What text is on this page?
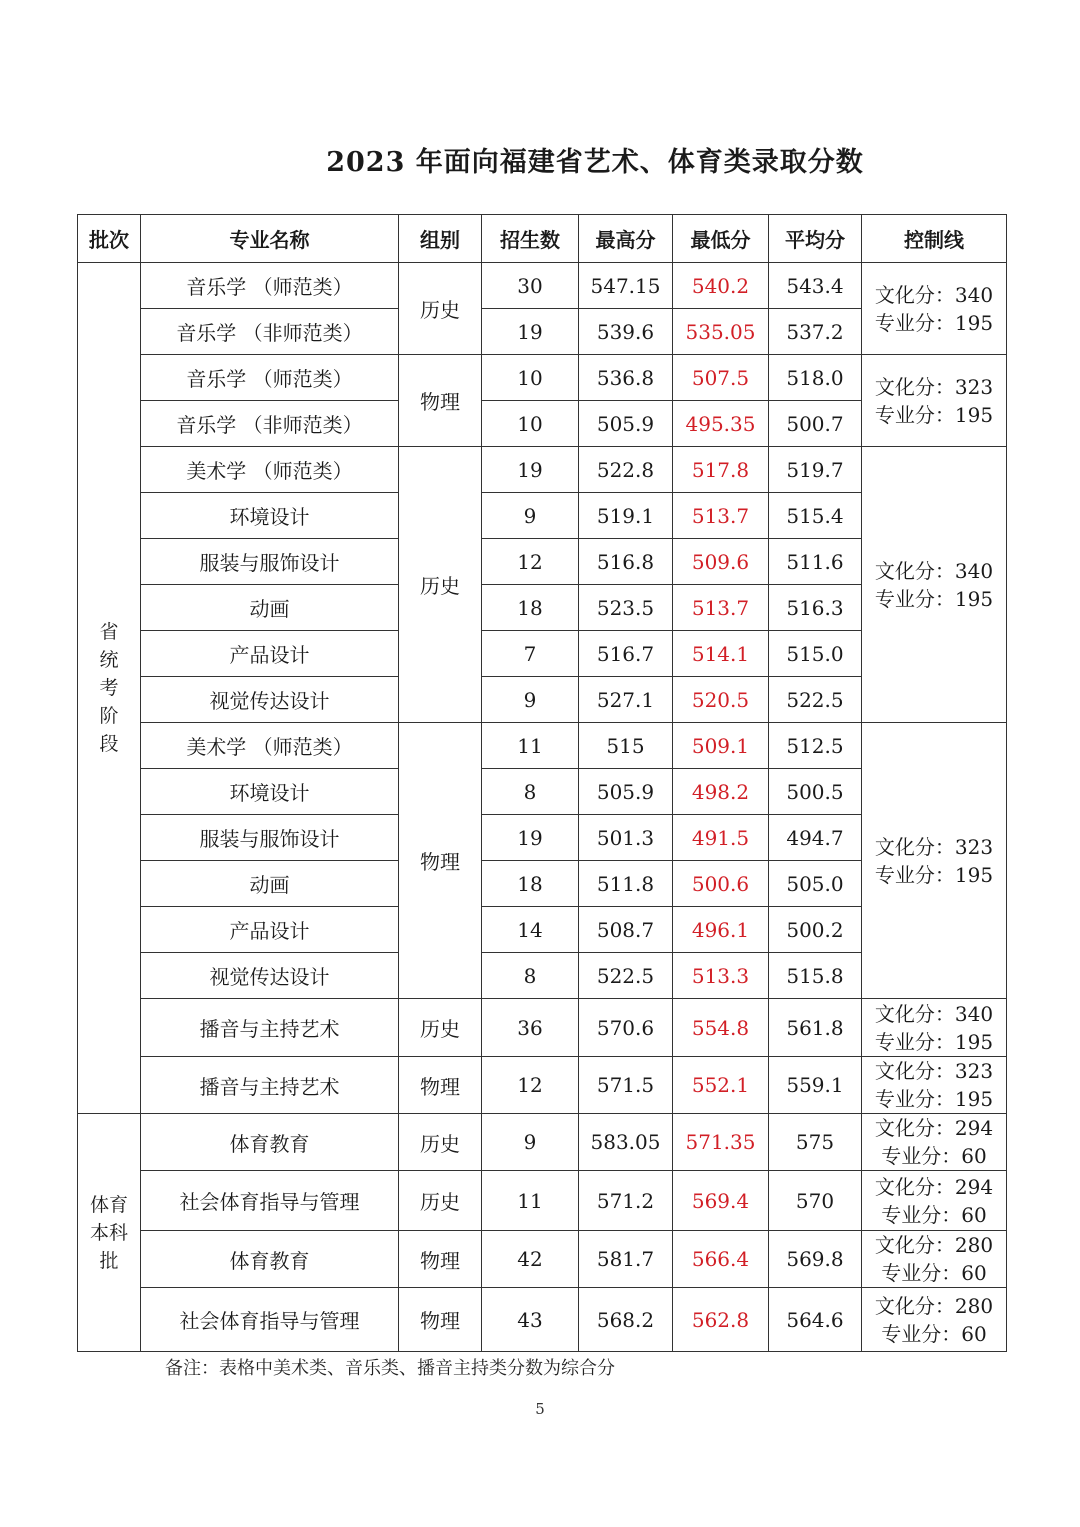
2023 年面向福建省艺术、体育类录取分数
批次	专业名称	组别	招生数	最高分	最低分	平均分	控制线

省
统
考
阶
段	音乐学 （师范类）	历史	30	547.15	540.2	543.4	文化分：340
专业分：195

	音乐学 （非师范类）		19	539.6	535.05	537.2	
	音乐学 （师范类）	物理	10	536.8	507.5	518.0	文化分：323
专业分：195

	音乐学 （非师范类）		10	505.9	495.35	500.7	
	美术学 （师范类）	历史	19	522.8	517.8	519.7	文化分：340
专业分：195

	环境设计		9	519.1	513.7	515.4	
	服装与服饰设计		12	516.8	509.6	511.6	
	动画		18	523.5	513.7	516.3	
	产品设计		7	516.7	514.1	515.0	
	视觉传达设计		9	527.1	520.5	522.5	
	美术学 （师范类）	物理	11	515	509.1	512.5	文化分：323
专业分：195

	环境设计		8	505.9	498.2	500.5	
	服装与服饰设计		19	501.3	491.5	494.7	
	动画		18	511.8	500.6	505.0	
	产品设计		14	508.7	496.1	500.2	
	视觉传达设计		8	522.5	513.3	515.8	
	播音与主持艺术	历史	36	570.6	554.8	561.8	文化分：340
专业分：195

	播音与主持艺术	物理	12	571.5	552.1	559.1	文化分：323
专业分：195

体育
本科
批	体育教育	历史	9	583.05	571.35	575	文化分：294
专业分：60

	社会体育指导与管理	历史	11	571.2	569.4	570	文化分：294
专业分：60

	体育教育	物理	42	581.7	566.4	569.8	文化分：280
专业分：60

	社会体育指导与管理	物理	43	568.2	562.8	564.6	文化分：280
专业分：60
备注：表格中美术类、音乐类、播音主持类分数为综合分
5
